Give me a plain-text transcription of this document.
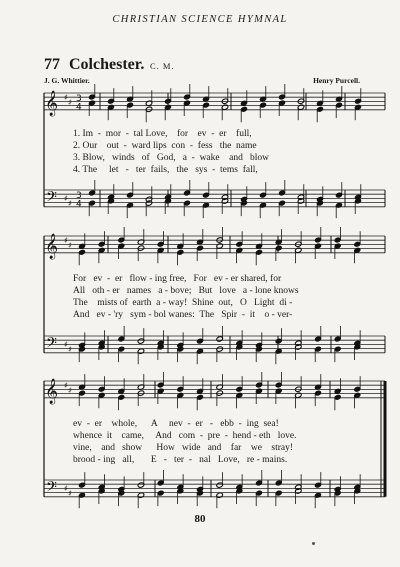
CHRISTIAN SCIENCE HYMNAL
77 Colchester. C. M.
J. G. Whittier.	Henry Purcell.
𝄞
𝄢
♯
♯
♯
♯
3
4
3
4
𝄞
𝄢
♯
♯
♯
♯
𝄞
𝄢
♯
♯
♯
♯
1. Im  -  mor  -  tal Love,    for    ev  -  er    full,
2. Our    out  -  ward lips  con  -  fess   the  name
3. Blow,   winds   of   God,   a  -  wake    and   blow
4. The     let   -   ter  fails,   the   sys  -  tems  fall,
For   ev  -  er   flow - ing free,   For   ev - er shared, for
All   oth - er   names   a - bove;   But   love   a - lone knows
The    mists of  earth  a - way!  Shine  out,   O   Light  di -
And   ev - 'ry   sym - bol wanes:  The   Spir  -  it    o - ver-
ev  -  er    whole,      A     nev  -  er   -   ebb  -  ing  sea!
whence  it    came,     And   com  -  pre  -  hend - eth   love.
vine,    and   show      How   wide   and    far    we    stray!
brood - ing   all,       E   -   ter  -   nal   Love,   re - mains.
80
